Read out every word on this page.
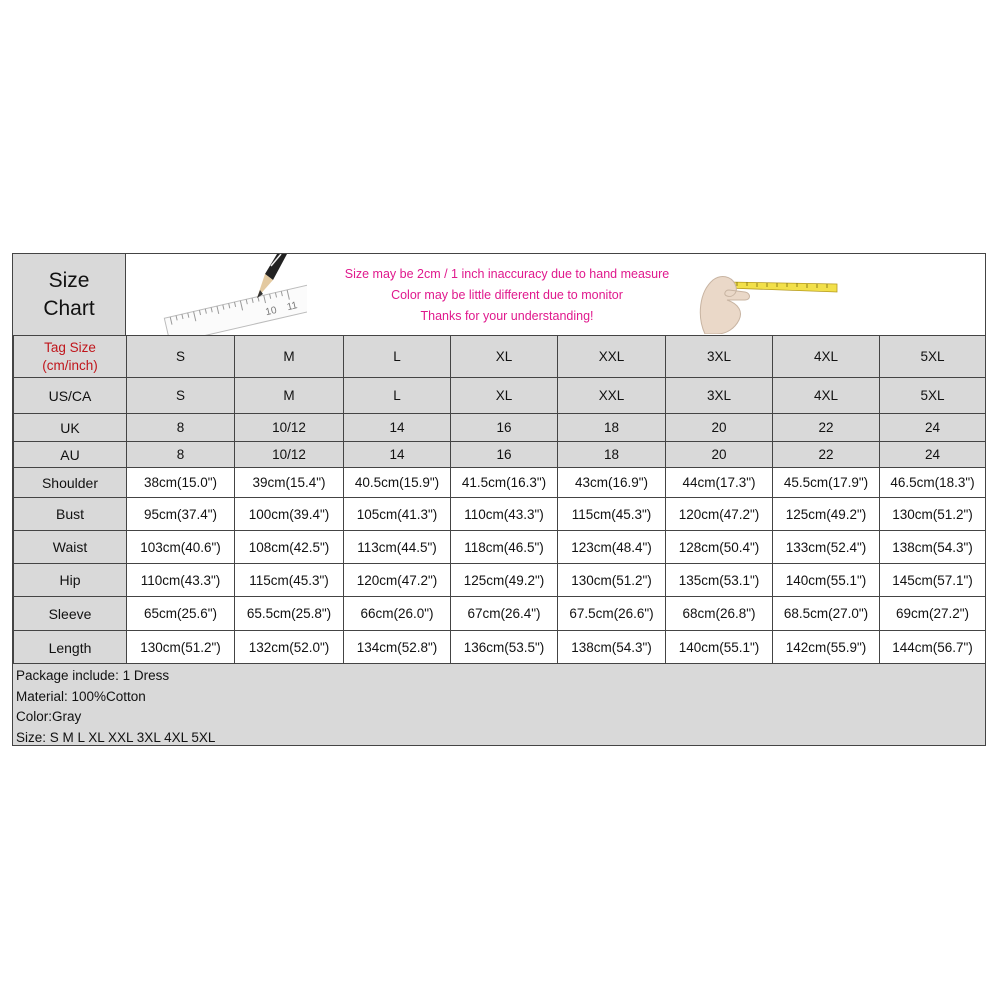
Size
Chart	10 11
Size may be 2cm / 1 inch inaccuracy due to hand measure
Color may be little different due to monitor
Thanks for your understanding!
Tag Size
(cm/inch)	S	M	L	XL	XXL	3XL	4XL	5XL
US/CA	S	M	L	XL	XXL	3XL	4XL	5XL
UK	8	10/12	14	16	18	20	22	24
AU	8	10/12	14	16	18	20	22	24
Shoulder	38cm(15.0")	39cm(15.4")	40.5cm(15.9")	41.5cm(16.3")	43cm(16.9")	44cm(17.3")	45.5cm(17.9")	46.5cm(18.3")
Bust	95cm(37.4")	100cm(39.4")	105cm(41.3")	110cm(43.3")	115cm(45.3")	120cm(47.2")	125cm(49.2")	130cm(51.2")
Waist	103cm(40.6")	108cm(42.5")	113cm(44.5")	118cm(46.5")	123cm(48.4")	128cm(50.4")	133cm(52.4")	138cm(54.3")
Hip	110cm(43.3")	115cm(45.3")	120cm(47.2")	125cm(49.2")	130cm(51.2")	135cm(53.1")	140cm(55.1")	145cm(57.1")
Sleeve	65cm(25.6")	65.5cm(25.8")	66cm(26.0")	67cm(26.4")	67.5cm(26.6")	68cm(26.8")	68.5cm(27.0")	69cm(27.2")
Length	130cm(51.2")	132cm(52.0")	134cm(52.8")	136cm(53.5")	138cm(54.3")	140cm(55.1")	142cm(55.9")	144cm(56.7")
Package include: 1 Dress
Material: 100%Cotton
Color:Gray
Size: S M L XL XXL 3XL 4XL 5XL
